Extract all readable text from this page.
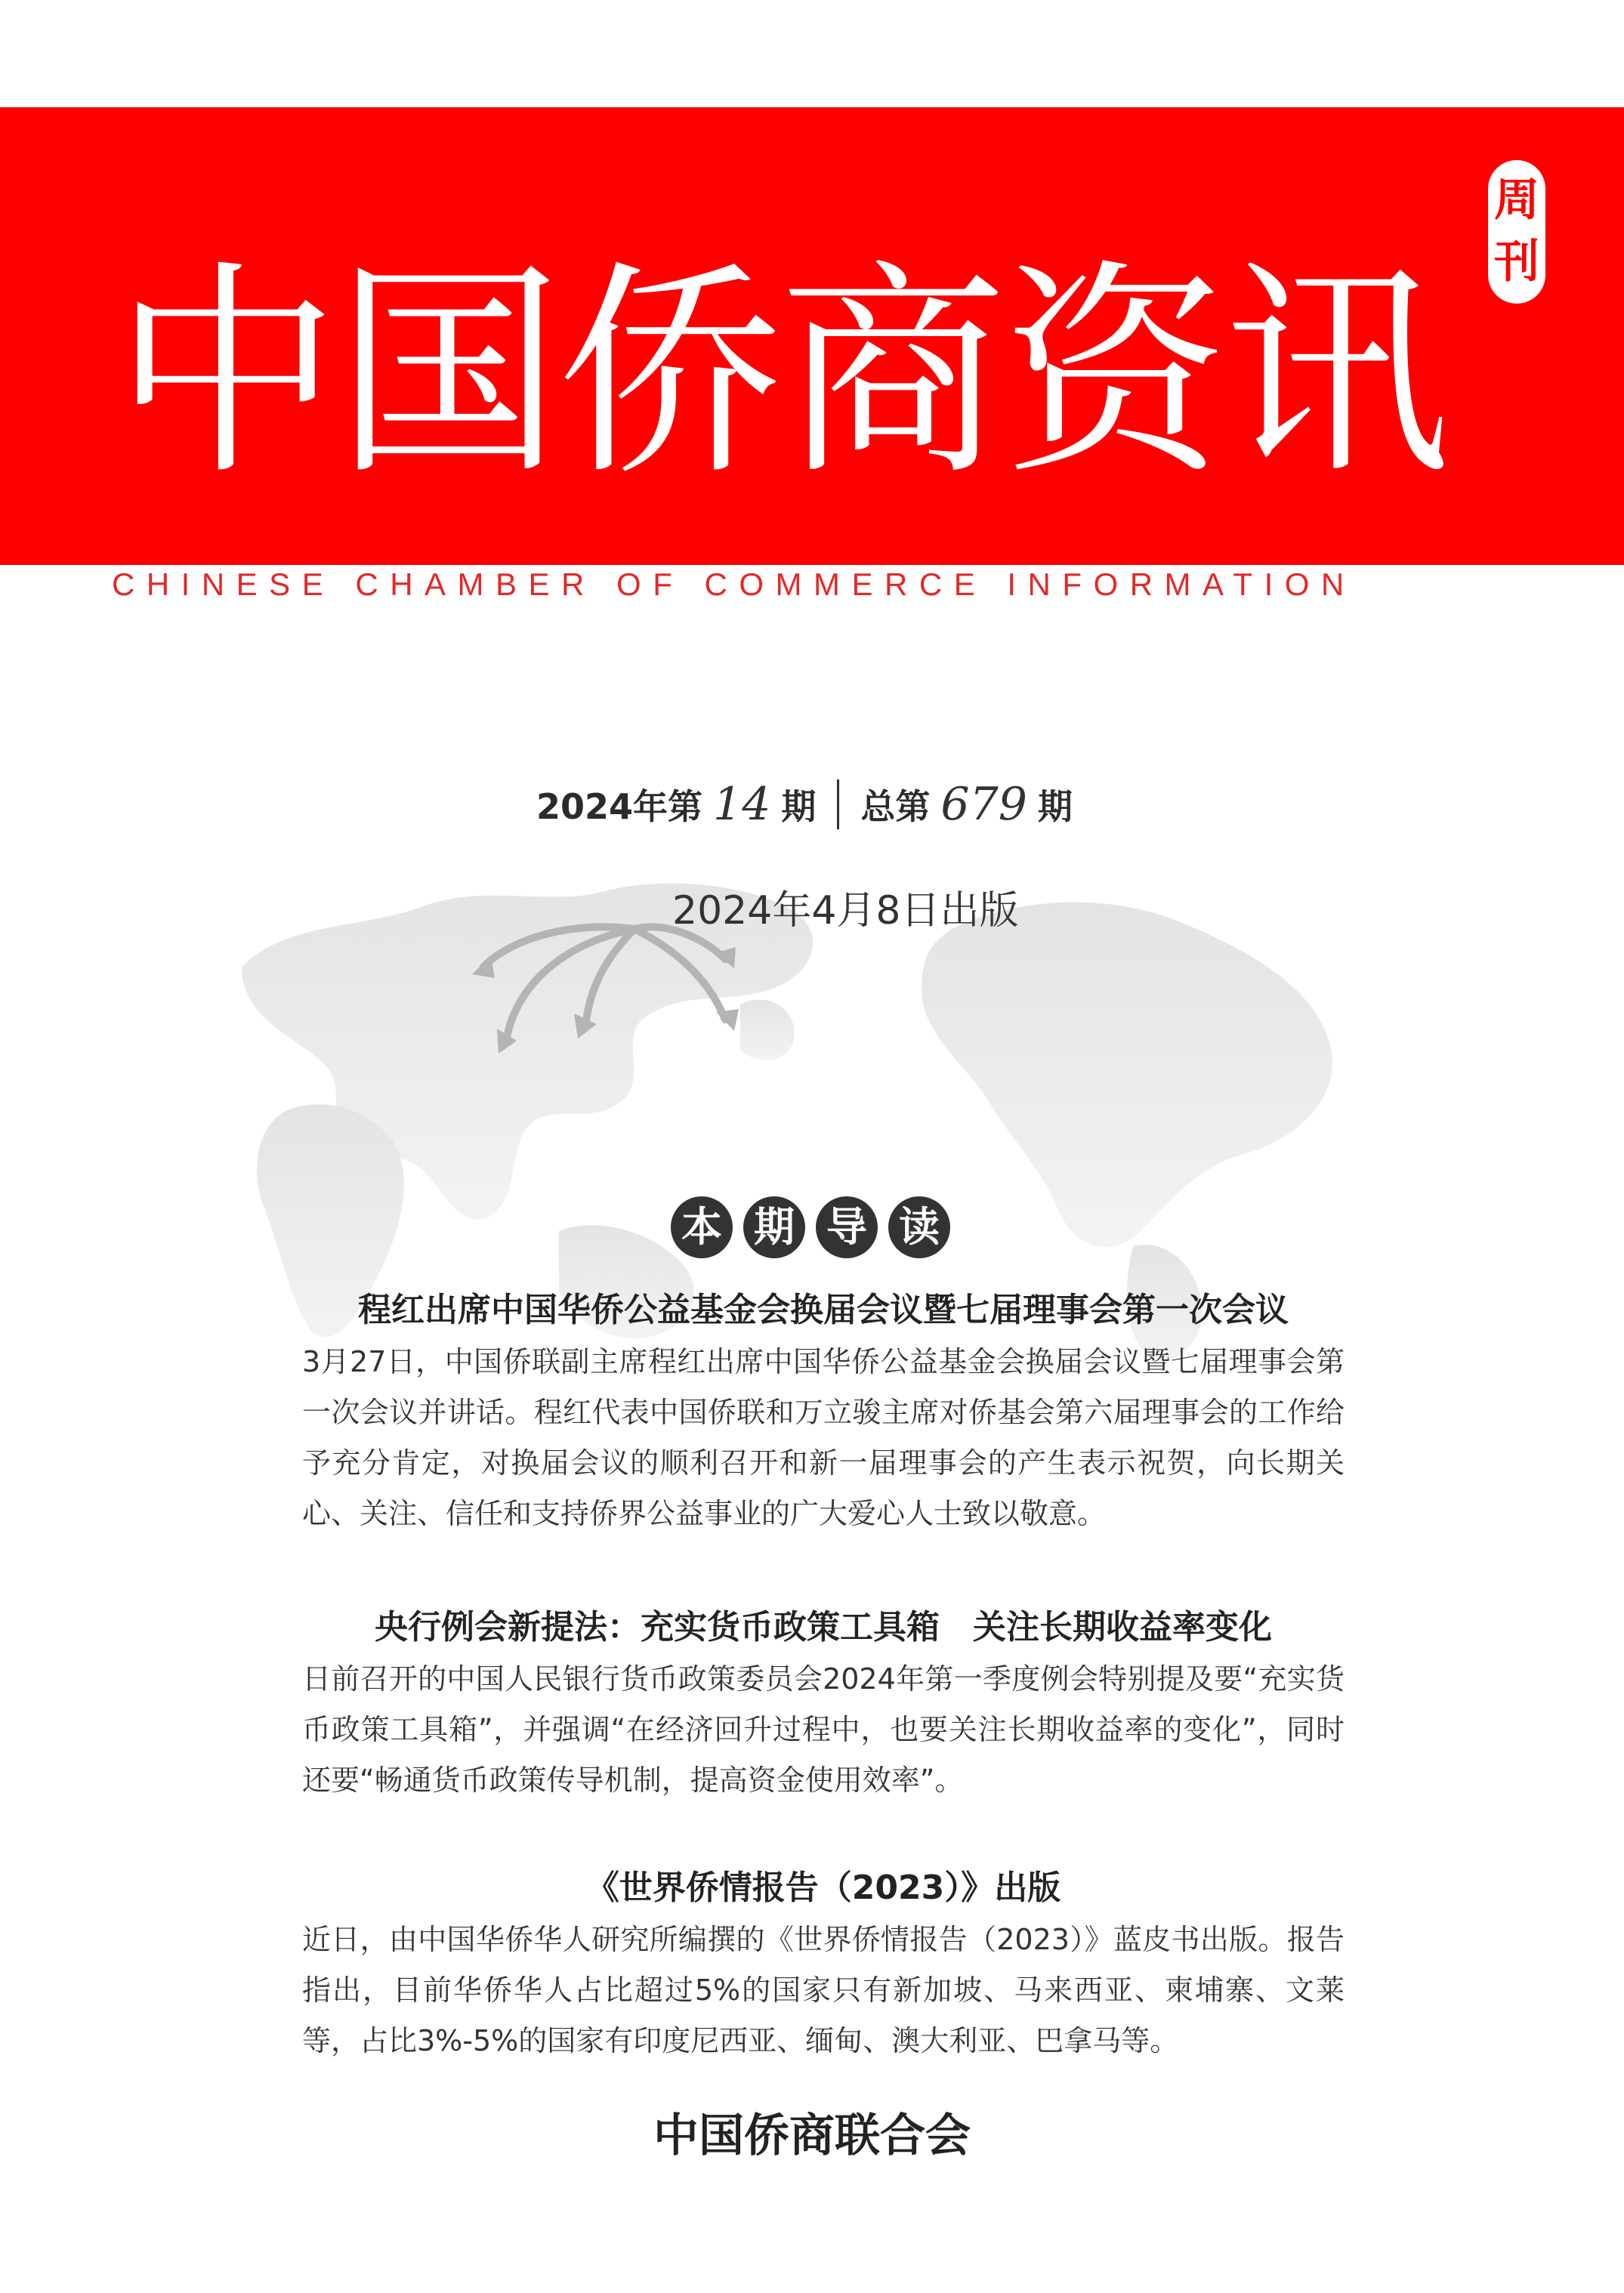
中国侨商资讯
周
刊
CHINESE CHAMBER OF COMMERCE INFORMATION
2024年第 14 期 总第 679 期
2024年4月8日出版
本 期 导 读
程红出席中国华侨公益基金会换届会议暨七届理事会第一次会议

3月27日，中国侨联副主席程红出席中国华侨公益基金会换届会议暨七届理事会第一次会议并讲话。程红代表中国侨联和万立骏主席对侨基会第六届理事会的工作给予充分肯定，对换届会议的顺利召开和新一届理事会的产生表示祝贺，向长期关心、关注、信任和支持侨界公益事业的广大爱心人士致以敬意。

央行例会新提法：充实货币政策工具箱　关注长期收益率变化

日前召开的中国人民银行货币政策委员会2024年第一季度例会特别提及要“充实货币政策工具箱”，并强调“在经济回升过程中，也要关注长期收益率的变化”，同时还要“畅通货币政策传导机制，提高资金使用效率”。

《世界侨情报告（2023）》出版

近日，由中国华侨华人研究所编撰的《世界侨情报告（2023）》蓝皮书出版。报告指出，目前华侨华人占比超过5%的国家只有新加坡、马来西亚、柬埔寨、文莱等，占比3%-5%的国家有印度尼西亚、缅甸、澳大利亚、巴拿马等。

中国侨商联合会
